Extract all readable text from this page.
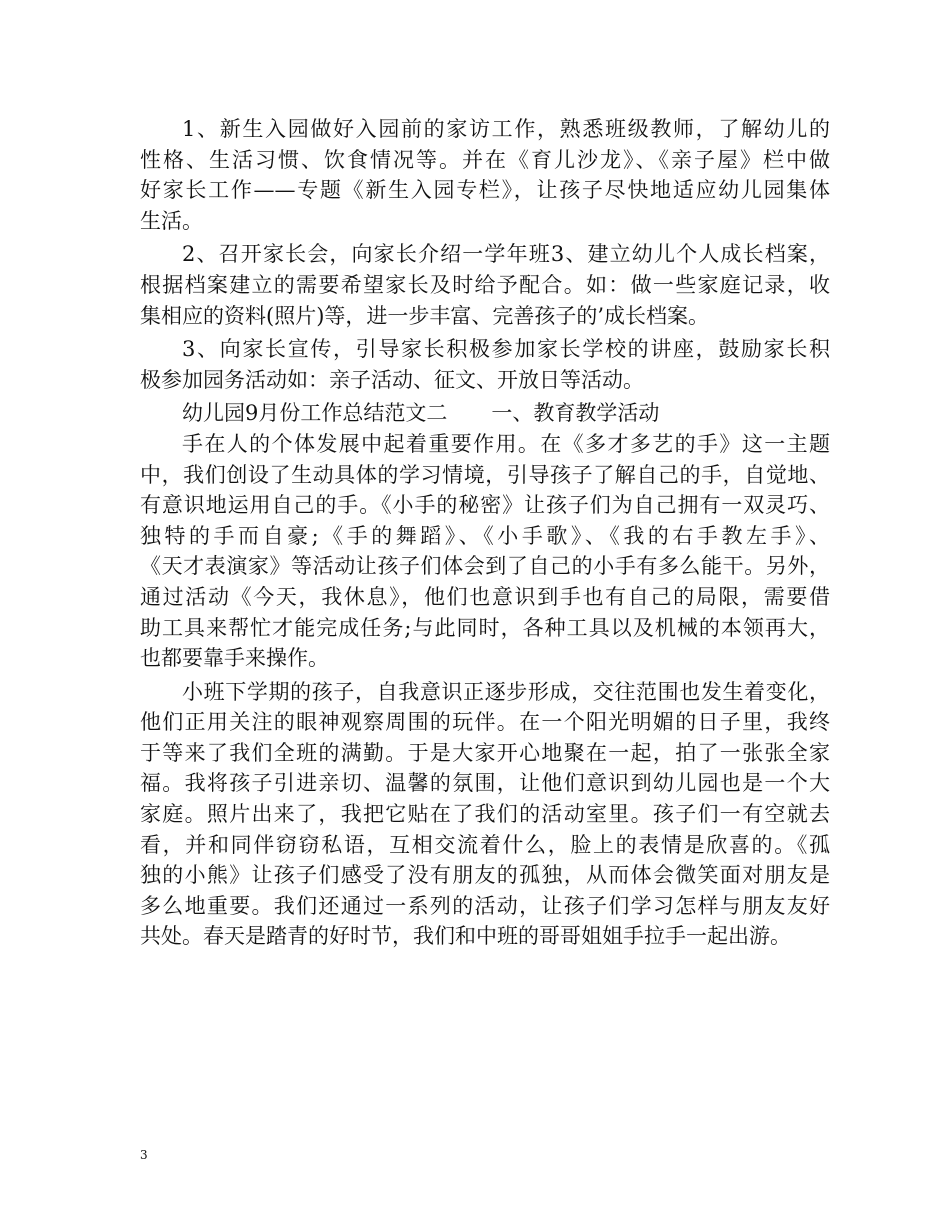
1、新生入园做好入园前的家访工作，熟悉班级教师，了解幼儿的
性格、生活习惯、饮食情况等。并在《育儿沙龙》、《亲子屋》栏中做
好家长工作——专题《新生入园专栏》，让孩子尽快地适应幼儿园集体
生活。
2、召开家长会，向家长介绍一学年班3、建立幼儿个人成长档案，
根据档案建立的需要希望家长及时给予配合。如：做一些家庭记录，收
集相应的资料(照片)等，进一步丰富、完善孩子的’成长档案。
3、向家长宣传，引导家长积极参加家长学校的讲座，鼓励家长积
极参加园务活动如：亲子活动、征文、开放日等活动。
幼儿园9月份工作总结范文二 一、教育教学活动
手在人的个体发展中起着重要作用。在《多才多艺的手》这一主题
中，我们创设了生动具体的学习情境，引导孩子了解自己的手，自觉地、
有意识地运用自己的手。《小手的秘密》让孩子们为自己拥有一双灵巧、
独特的手而自豪;《手的舞蹈》、《小手歌》、《我的右手教左手》、
《天才表演家》等活动让孩子们体会到了自己的小手有多么能干。另外，
通过活动《今天，我休息》，他们也意识到手也有自己的局限，需要借
助工具来帮忙才能完成任务;与此同时，各种工具以及机械的本领再大，
也都要靠手来操作。
小班下学期的孩子，自我意识正逐步形成，交往范围也发生着变化，
他们正用关注的眼神观察周围的玩伴。在一个阳光明媚的日子里，我终
于等来了我们全班的满勤。于是大家开心地聚在一起，拍了一张张全家
福。我将孩子引进亲切、温馨的氛围，让他们意识到幼儿园也是一个大
家庭。照片出来了，我把它贴在了我们的活动室里。孩子们一有空就去
看，并和同伴窃窃私语，互相交流着什么，脸上的表情是欣喜的。《孤
独的小熊》让孩子们感受了没有朋友的孤独，从而体会微笑面对朋友是
多么地重要。我们还通过一系列的活动，让孩子们学习怎样与朋友友好
共处。春天是踏青的好时节，我们和中班的哥哥姐姐手拉手一起出游。
3
